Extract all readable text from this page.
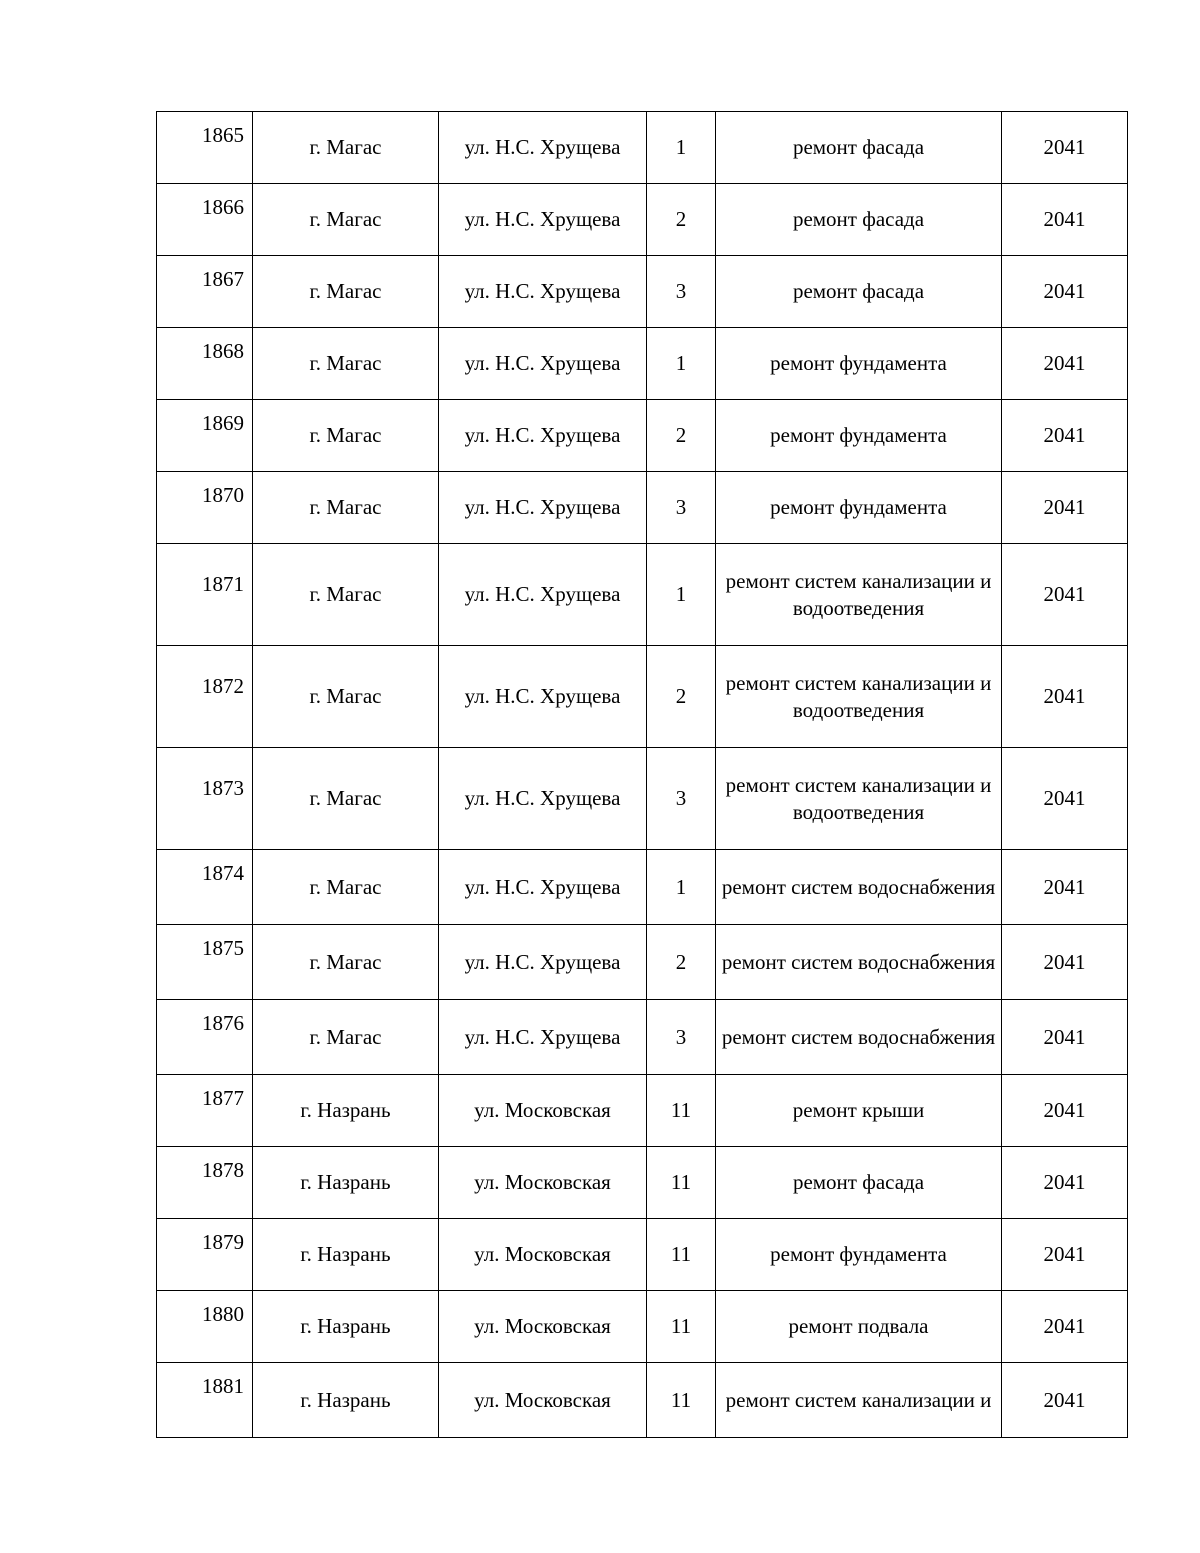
1865	г. Магас	ул. Н.С. Хрущева	1	ремонт фасада	2041
1866	г. Магас	ул. Н.С. Хрущева	2	ремонт фасада	2041
1867	г. Магас	ул. Н.С. Хрущева	3	ремонт фасада	2041
1868	г. Магас	ул. Н.С. Хрущева	1	ремонт фундамента	2041
1869	г. Магас	ул. Н.С. Хрущева	2	ремонт фундамента	2041
1870	г. Магас	ул. Н.С. Хрущева	3	ремонт фундамента	2041
1871	г. Магас	ул. Н.С. Хрущева	1	ремонт систем канализации и водоотведения	2041
1872	г. Магас	ул. Н.С. Хрущева	2	ремонт систем канализации и водоотведения	2041
1873	г. Магас	ул. Н.С. Хрущева	3	ремонт систем канализации и водоотведения	2041
1874	г. Магас	ул. Н.С. Хрущева	1	ремонт систем водоснабжения	2041
1875	г. Магас	ул. Н.С. Хрущева	2	ремонт систем водоснабжения	2041
1876	г. Магас	ул. Н.С. Хрущева	3	ремонт систем водоснабжения	2041
1877	г. Назрань	ул. Московская	11	ремонт крыши	2041
1878	г. Назрань	ул. Московская	11	ремонт фасада	2041
1879	г. Назрань	ул. Московская	11	ремонт фундамента	2041
1880	г. Назрань	ул. Московская	11	ремонт подвала	2041
1881	г. Назрань	ул. Московская	11	ремонт систем канализации и	2041
